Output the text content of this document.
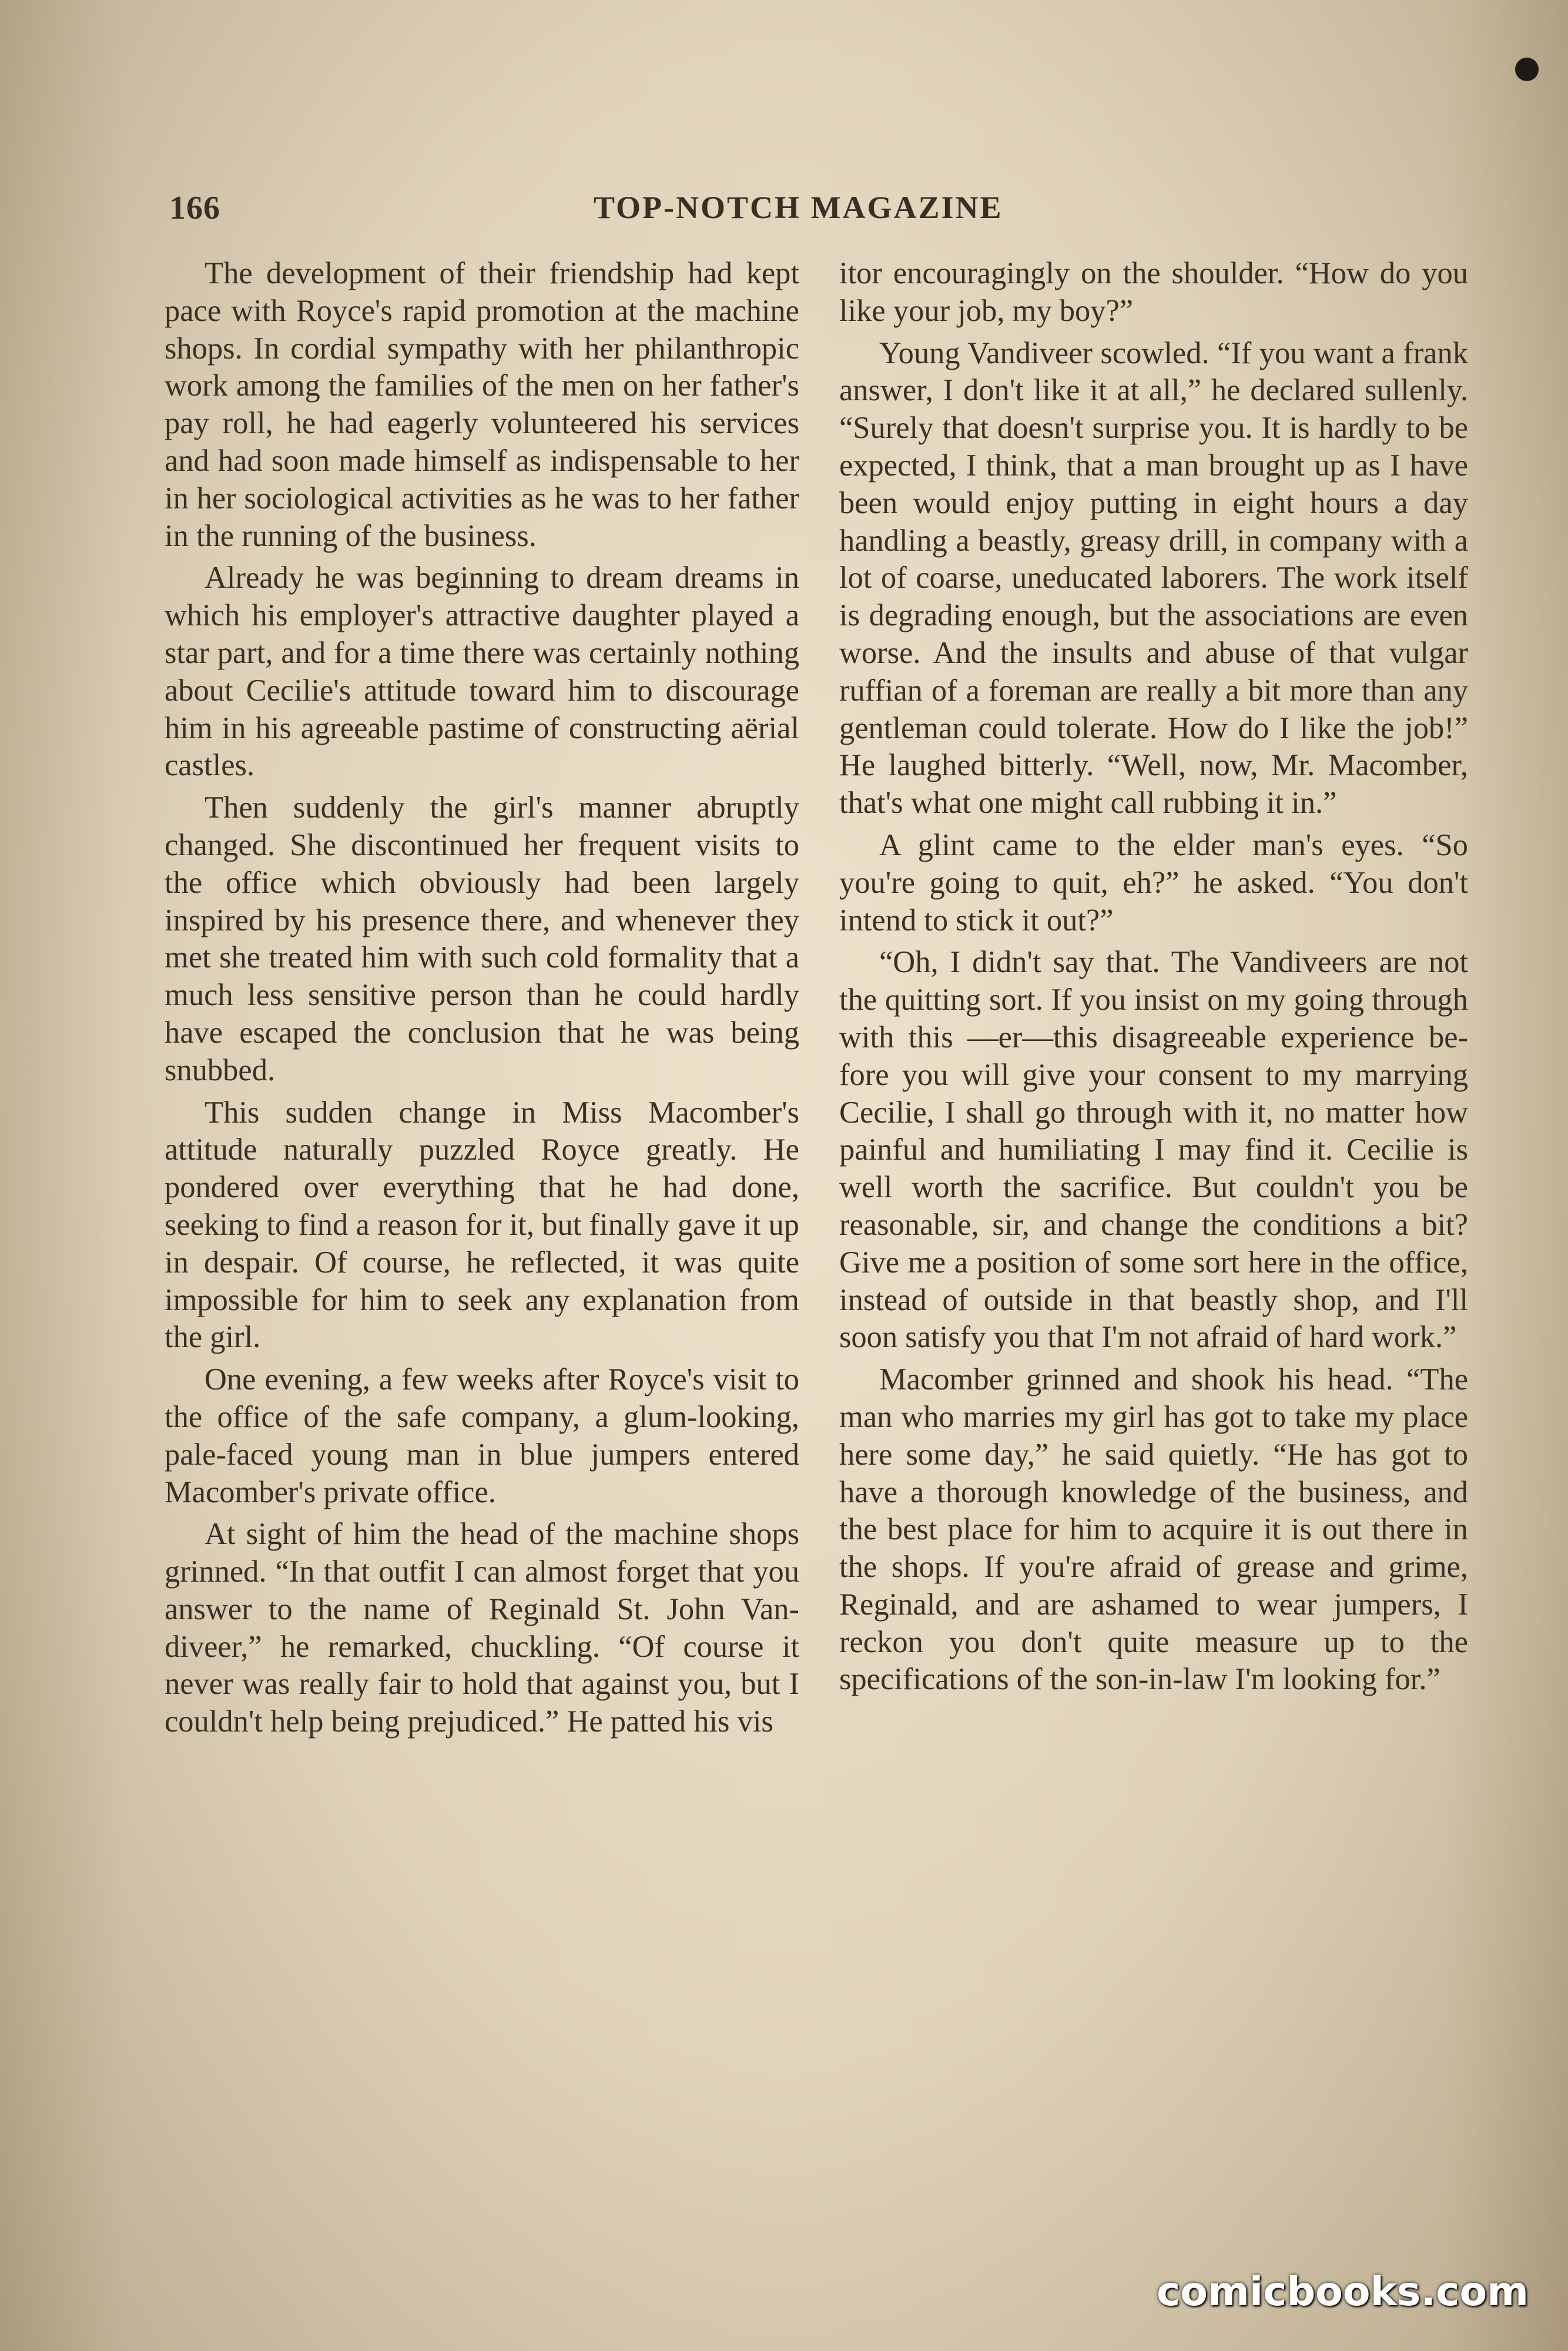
166	TOP-NOTCH MAGAZINE

The development of their friendship had kept pace with Royce's rapid promotion at the machine shops. In cordial sympathy with her philanthropic work among the families of the men on her father's pay roll, he had eagerly volunteered his services and had soon made himself as indispensable to her in her sociological activities as he was to her father in the running of the business.

Already he was beginning to dream dreams in which his employer's attractive daughter played a star part, and for a time there was certainly nothing about Cecilie's attitude toward him to discourage him in his agreeable pastime of constructing aërial castles.

Then suddenly the girl's manner abruptly changed. She discontinued her frequent visits to the office which obviously had been largely inspired by his presence there, and whenever they met she treated him with such cold formality that a much less sensitive person than he could hardly have escaped the conclusion that he was being snubbed.

This sudden change in Miss Macomber's attitude naturally puzzled Royce greatly. He pondered over everything that he had done, seeking to find a reason for it, but finally gave it up in despair. Of course, he reflected, it was quite impossible for him to seek any explanation from the girl.

One evening, a few weeks after Royce's visit to the office of the safe company, a glum-looking, pale-faced young man in blue jumpers entered Macomber's private office.

At sight of him the head of the machine shops grinned. “In that outfit I can almost forget that you answer to the name of Reginald St. John Vandiveer,” he remarked, chuckling. “Of course it never was really fair to hold that against you, but I couldn't help being prejudiced.” He patted his vis

itor encouragingly on the shoulder. “How do you like your job, my boy?”

Young Vandiveer scowled. “If you want a frank answer, I don't like it at all,” he declared sullenly. “Surely that doesn't surprise you. It is hardly to be expected, I think, that a man brought up as I have been would enjoy putting in eight hours a day handling a beastly, greasy drill, in company with a lot of coarse, uneducated laborers. The work itself is degrading enough, but the associations are even worse. And the insults and abuse of that vulgar ruffian of a foreman are really a bit more than any gentleman could tolerate. How do I like the job!” He laughed bitterly. “Well, now, Mr. Macomber, that's what one might call rubbing it in.”

A glint came to the elder man's eyes. “So you're going to quit, eh?” he asked. “You don't intend to stick it out?”

“Oh, I didn't say that. The Vandiveers are not the quitting sort. If you insist on my going through with this —er—this disagreeable experience before you will give your consent to my marrying Cecilie, I shall go through with it, no matter how painful and humiliating I may find it. Cecilie is well worth the sacrifice. But couldn't you be reasonable, sir, and change the conditions a bit? Give me a position of some sort here in the office, instead of outside in that beastly shop, and I'll soon satisfy you that I'm not afraid of hard work.”

Macomber grinned and shook his head. “The man who marries my girl has got to take my place here some day,” he said quietly. “He has got to have a thorough knowledge of the business, and the best place for him to acquire it is out there in the shops. If you're afraid of grease and grime, Reginald, and are ashamed to wear jumpers, I reckon you don't quite measure up to the specifications of the son-in-law I'm looking for.”

comicbooks.com
